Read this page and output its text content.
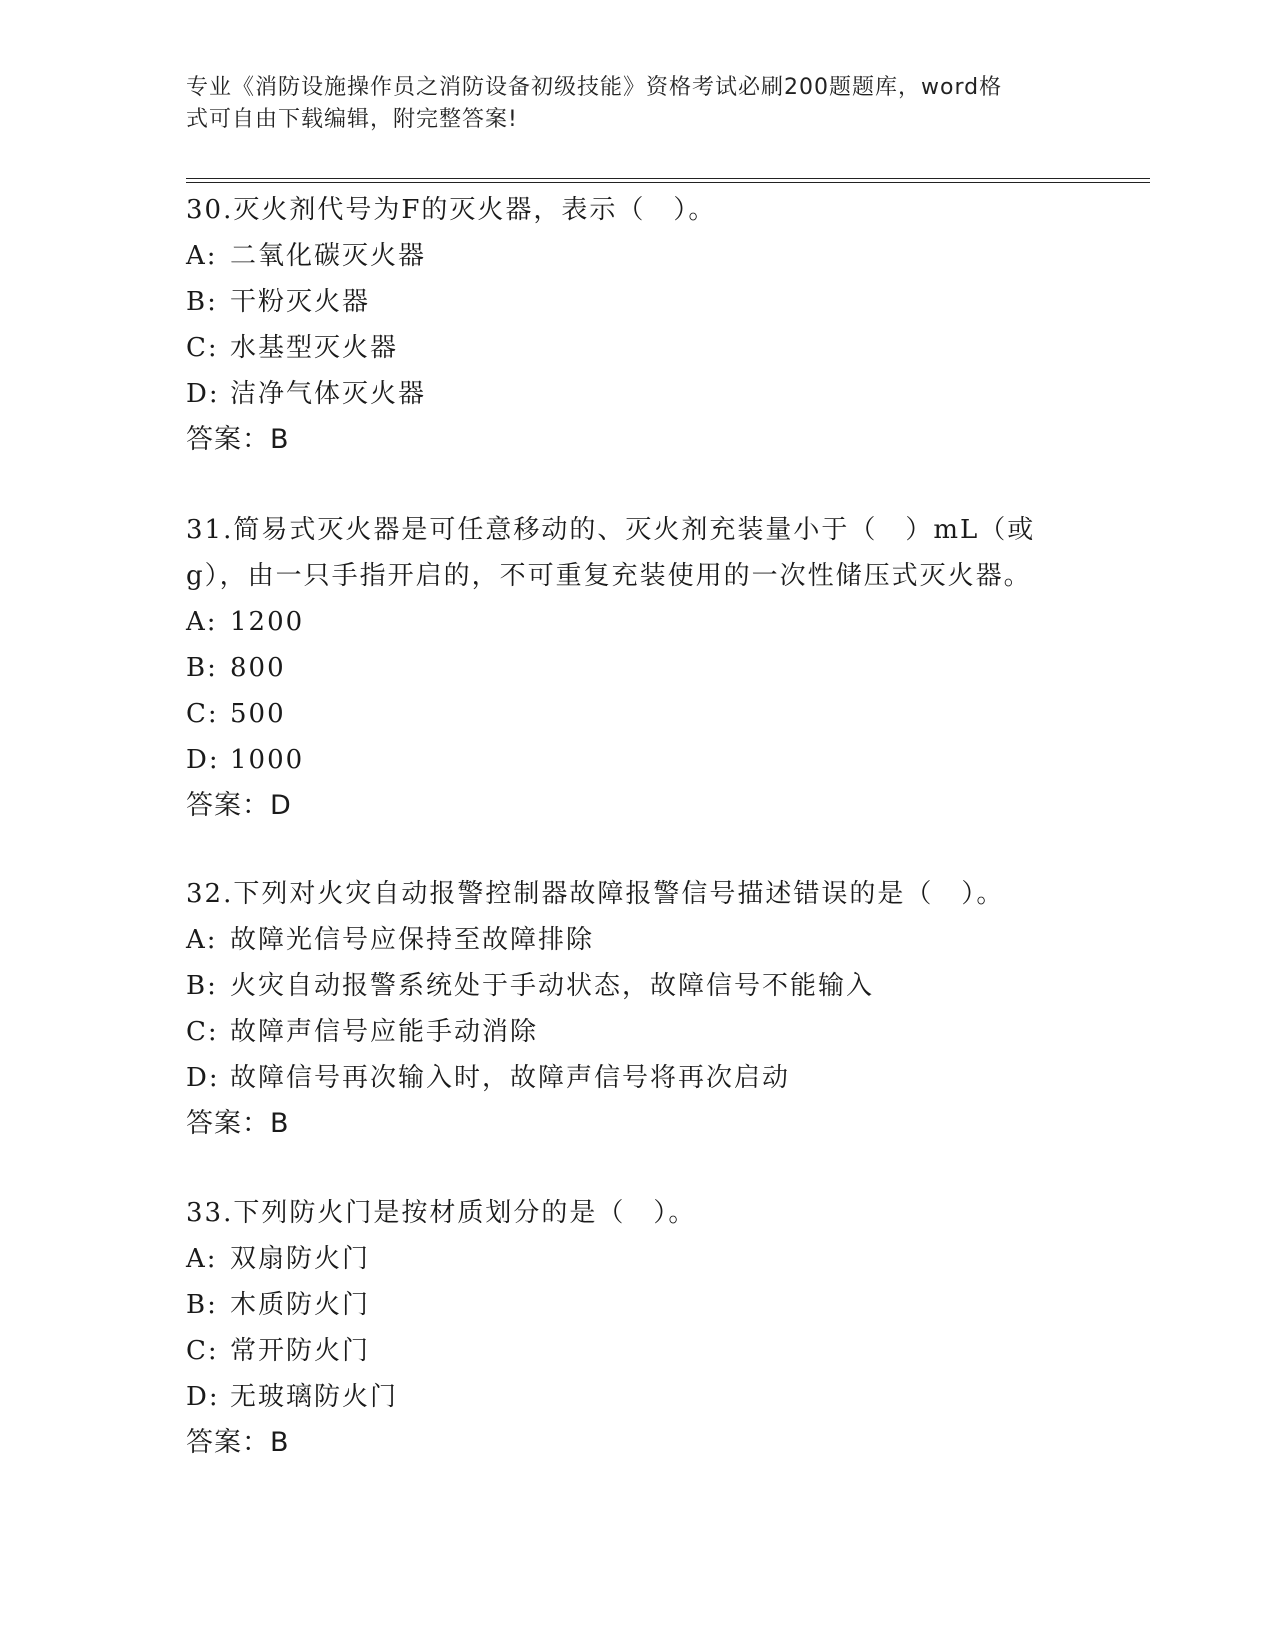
专业《消防设施操作员之消防设备初级技能》资格考试必刷200题题库，word格
式可自由下载编辑，附完整答案!

30.灭火剂代号为F的灭火器，表示（　）。

A: 二氧化碳灭火器

B: 干粉灭火器

C: 水基型灭火器

D: 洁净气体灭火器

答案：B

31.简易式灭火器是可任意移动的、灭火剂充装量小于（　）mL（或g），由一只手指开启的，不可重复充装使用的一次性储压式灭火器。

A: 1200

B: 800

C: 500

D: 1000

答案：D

32.下列对火灾自动报警控制器故障报警信号描述错误的是（　）。

A: 故障光信号应保持至故障排除

B: 火灾自动报警系统处于手动状态，故障信号不能输入

C: 故障声信号应能手动消除

D: 故障信号再次输入时，故障声信号将再次启动

答案：B

33.下列防火门是按材质划分的是（　）。

A: 双扇防火门

B: 木质防火门

C: 常开防火门

D: 无玻璃防火门

答案：B
